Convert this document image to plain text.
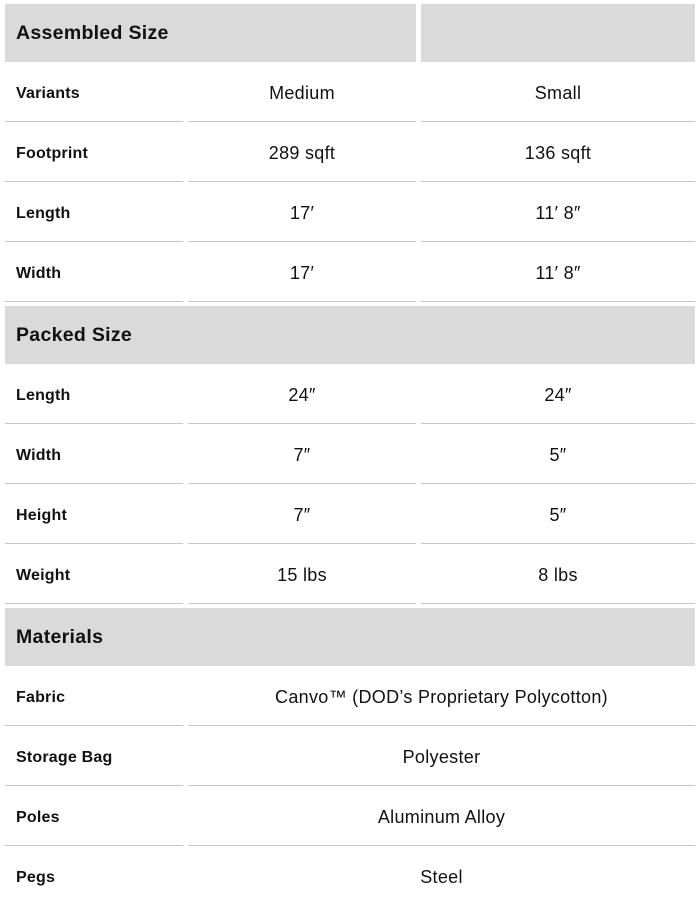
Assembled Size		
Variants	Medium	Small
Footprint	289 sqft	136 sqft
Length	17′	11′ 8″
Width	17′	11′ 8″
Packed Size		
Length	24″	24″
Width	7″	5″
Height	7″	5″
Weight	15 lbs	8 lbs
Materials		
Fabric	Canvo™ (DOD’s Proprietary Polycotton)	
Storage Bag	Polyester	
Poles	Aluminum Alloy	
Pegs	Steel	
